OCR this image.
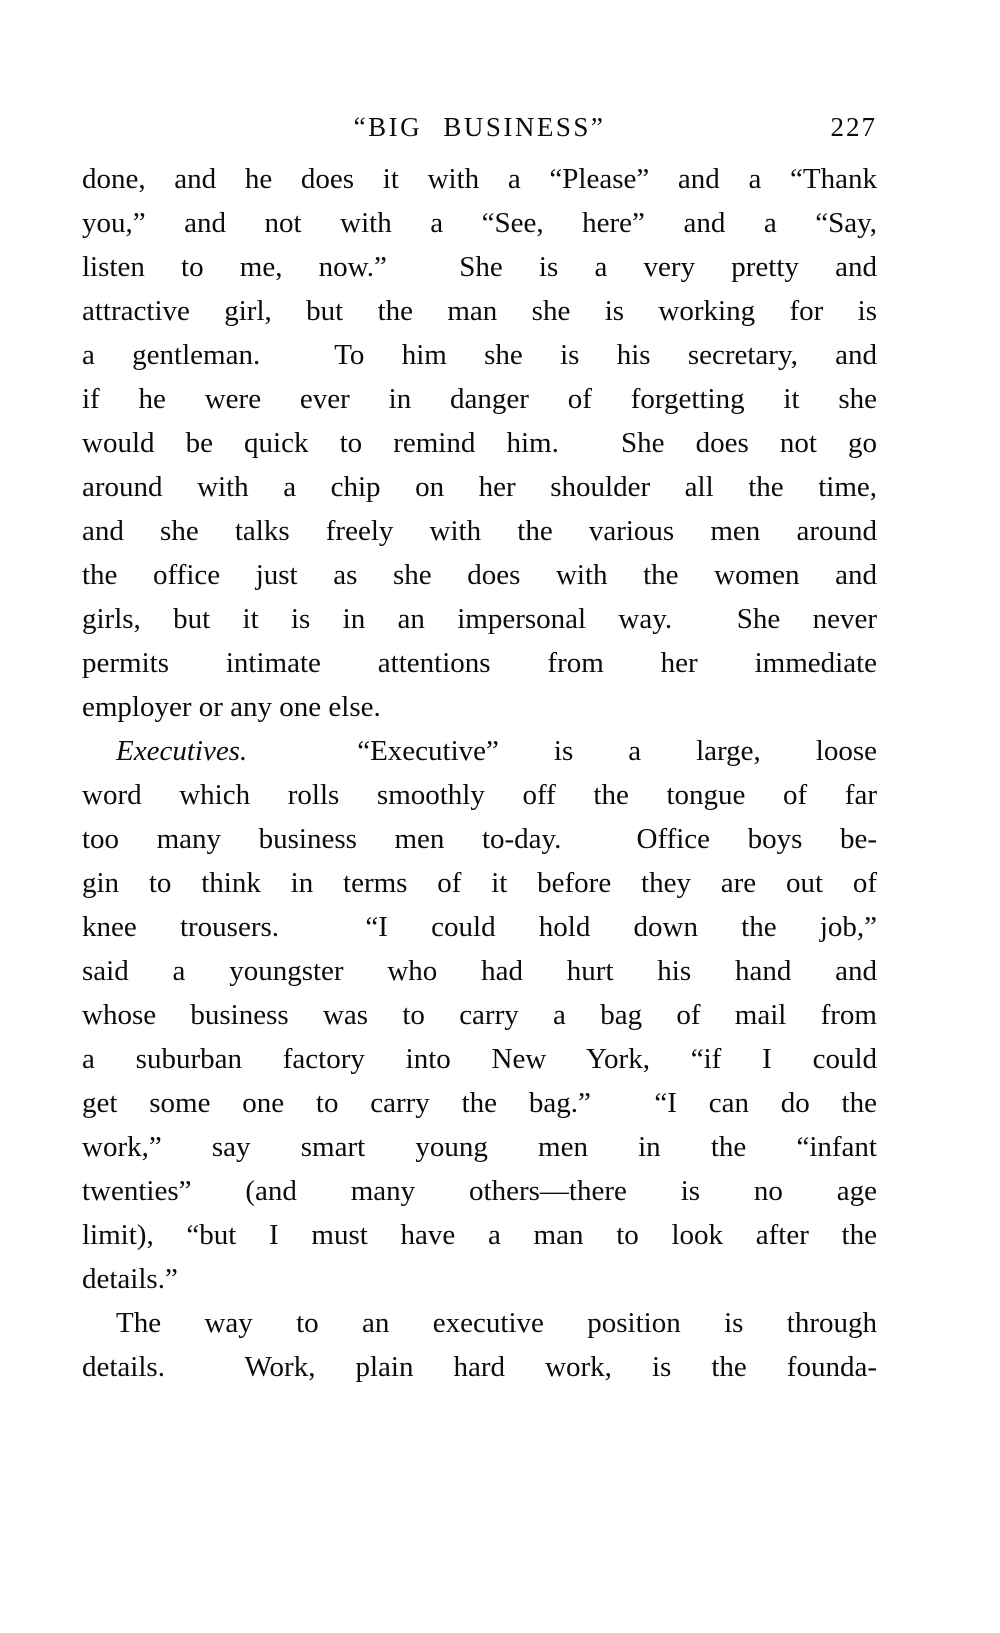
“BIG BUSINESS”	227
done, and he does it with a “Please” and a “Thank
you,” and not with a “See, here” and a “Say,
listen to me, now.”  She is a very pretty and
attractive girl, but the man she is working for is
a gentleman.  To him she is his secretary, and
if he were ever in danger of forgetting it she
would be quick to remind him.  She does not go
around with a chip on her shoulder all the time,
and she talks freely with the various men around
the office just as she does with the women and
girls, but it is in an impersonal way.  She never
permits intimate attentions from her immediate
employer or any one else.
Executives.  “Executive” is a large, loose
word which rolls smoothly off the tongue of far
too many business men to-day.  Office boys be-
gin to think in terms of it before they are out of
knee trousers.  “I could hold down the job,”
said a youngster who had hurt his hand and
whose business was to carry a bag of mail from
a suburban factory into New York, “if I could
get some one to carry the bag.”  “I can do the
work,” say smart young men in the “infant
twenties” (and many others—there is no age
limit), “but I must have a man to look after the
details.”
The way to an executive position is through
details.  Work, plain hard work, is the founda-
